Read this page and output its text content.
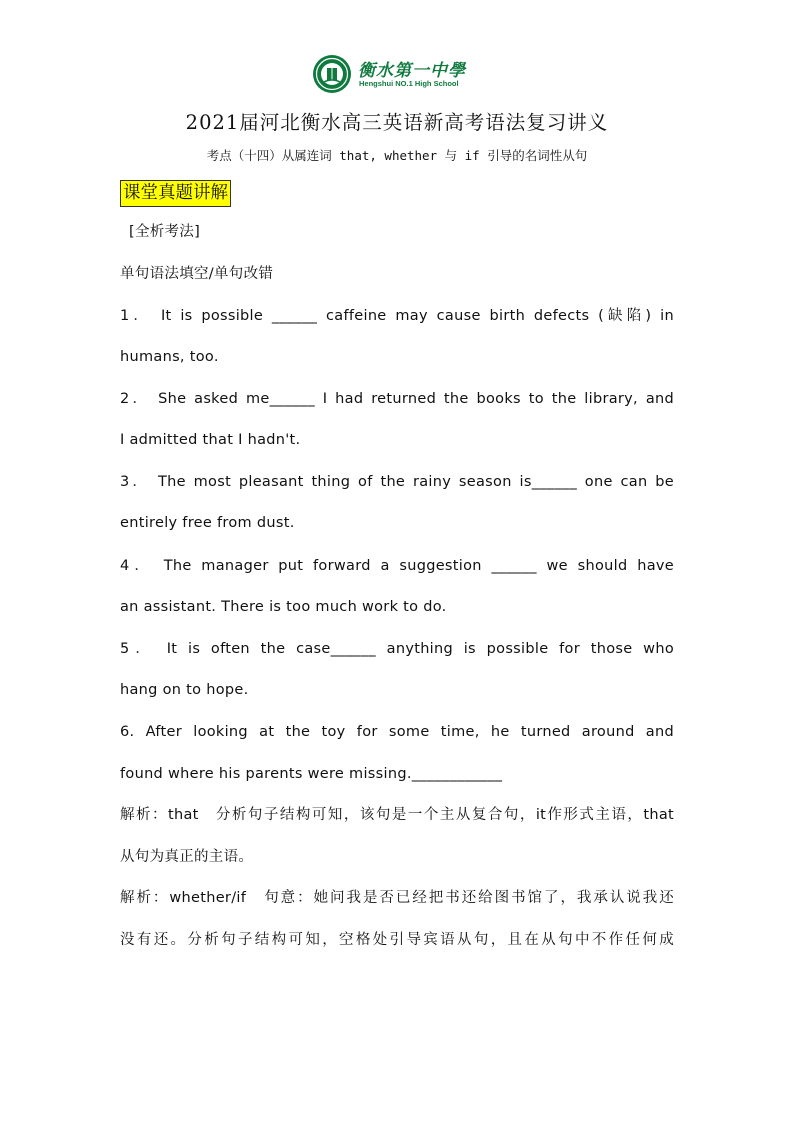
衡水第一中學
Hengshui NO.1 High School
2021届河北衡水高三英语新高考语法复习讲义
考点（十四）从属连词 that, whether 与 if 引导的名词性从句
课堂真题讲解
[全析考法]
单句语法填空/单句改错
1． It is possible ______ caffeine may cause birth defects (缺陷) in
humans, too.
2． She asked me______ I had returned the books to the library, and
I admitted that I hadn't.
3． The most pleasant thing of the rainy season is______ one can be
entirely free from dust.
4． The manager put forward a suggestion ______ we should have
an assistant. There is too much work to do.
5． It is often the case______ anything is possible for those who
hang on to hope.
6. After looking at the toy for some time, he turned around and
found where his parents were missing.____________
解析：that　分析句子结构可知，该句是一个主从复合句，it作形式主语，that
从句为真正的主语。
解析：whether/if　句意：她问我是否已经把书还给图书馆了，我承认说我还
没有还。分析句子结构可知，空格处引导宾语从句，且在从句中不作任何成
